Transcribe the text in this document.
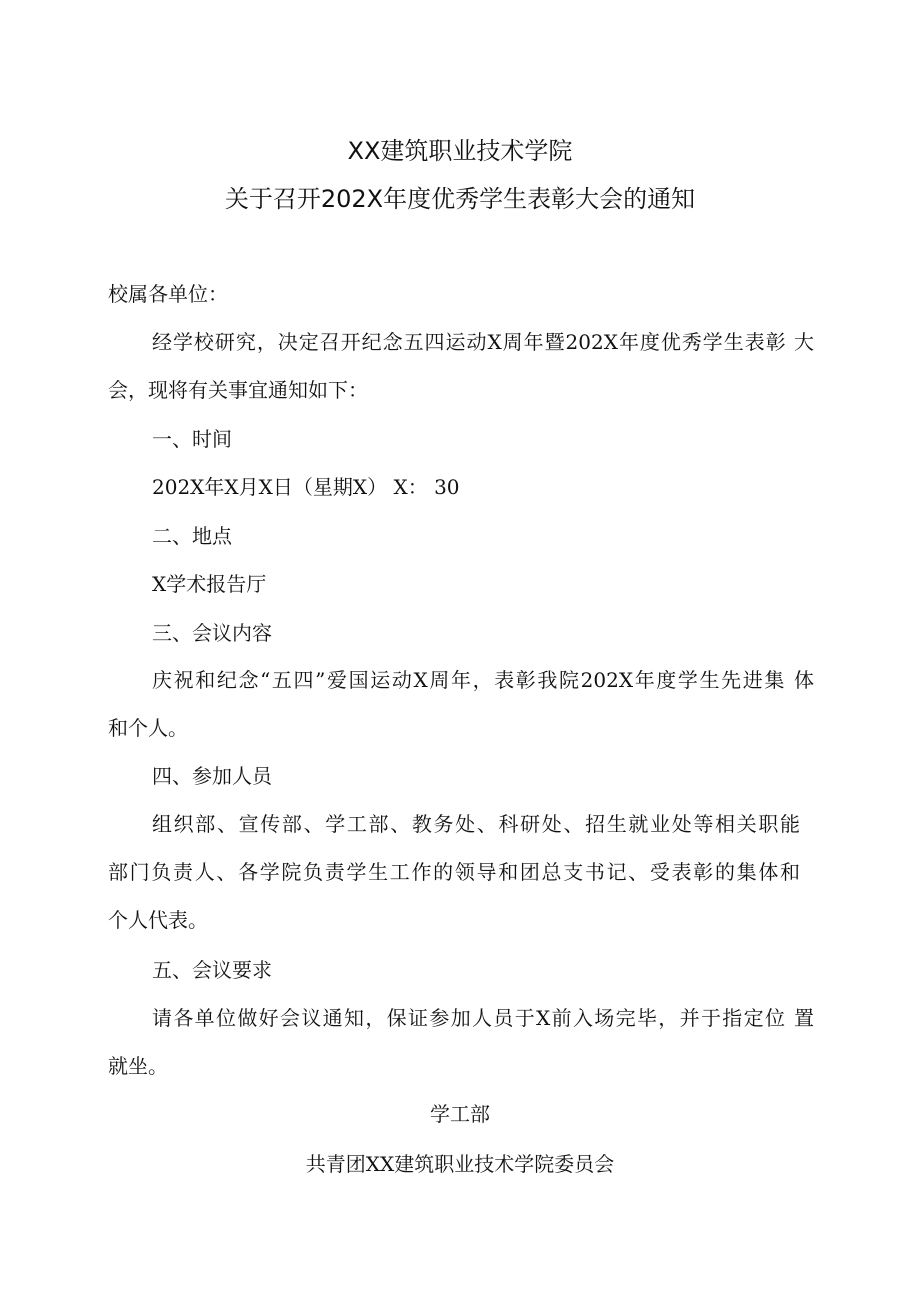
XX建筑职业技术学院
关于召开202X年度优秀学生表彰大会的通知
校属各单位：
经学校研究，决定召开纪念五四运动X周年暨202X年度优秀学生表彰 大
会，现将有关事宜通知如下：
一、时间
202X年X月X日（星期X） X： 30
二、地点
X学术报告厅
三、会议内容
庆祝和纪念“五四”爱国运动X周年，表彰我院202X年度学生先进集 体
和个人。
四、参加人员
组织部、宣传部、学工部、教务处、科研处、招生就业处等相关职能
部门负责人、各学院负责学生工作的领导和团总支书记、受表彰的集体和
个人代表。
五、会议要求
请各单位做好会议通知，保证参加人员于X前入场完毕，并于指定位 置
就坐。
学工部
共青团XX建筑职业技术学院委员会
